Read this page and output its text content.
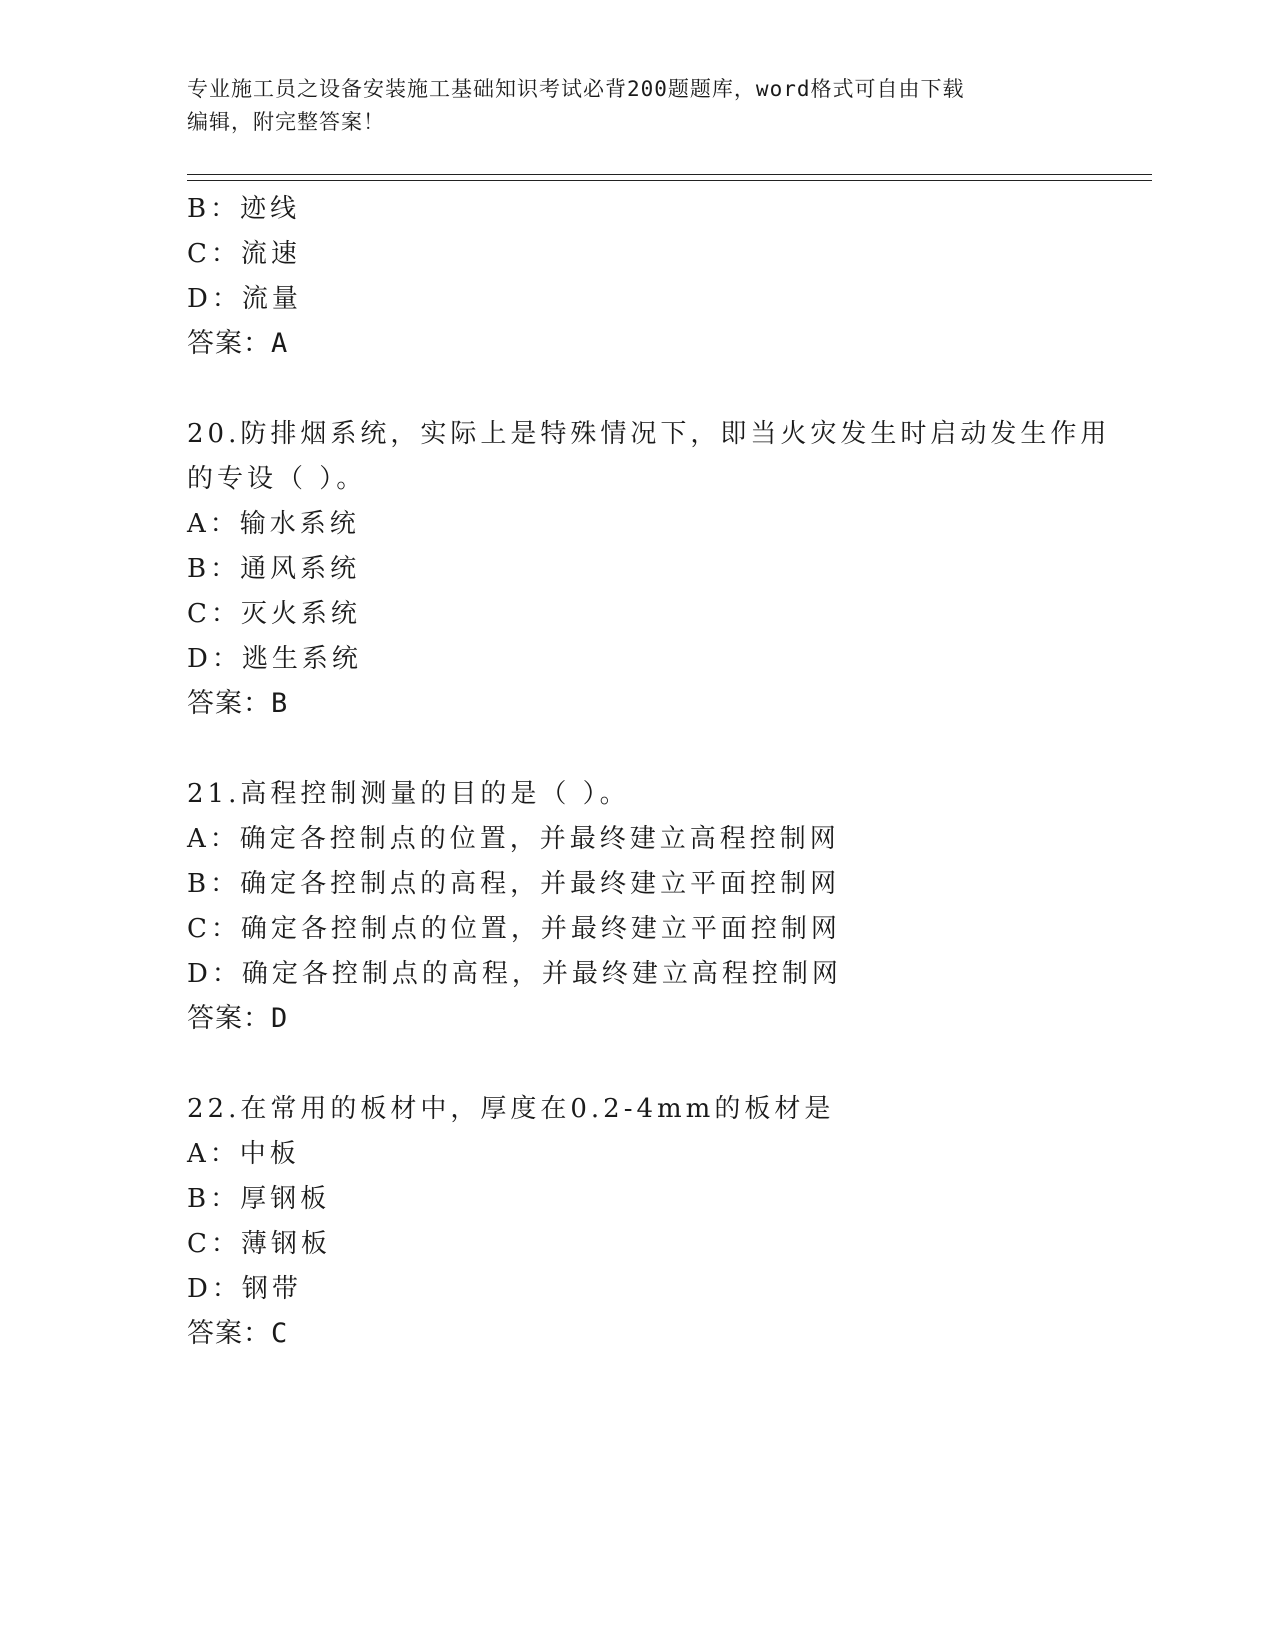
专业施工员之设备安装施工基础知识考试必背200题题库，word格式可自由下载
编辑，附完整答案！
B：迹线
C：流速
D：流量
答案：A
20.防排烟系统，实际上是特殊情况下，即当火灾发生时启动发生作用
的专设（ ）。
A：输水系统
B：通风系统
C：灭火系统
D：逃生系统
答案：B
21.高程控制测量的目的是（ ）。
A：确定各控制点的位置，并最终建立高程控制网
B：确定各控制点的高程，并最终建立平面控制网
C：确定各控制点的位置，并最终建立平面控制网
D：确定各控制点的高程，并最终建立高程控制网
答案：D
22.在常用的板材中，厚度在0.2-4mm的板材是
A：中板
B：厚钢板
C：薄钢板
D：钢带
答案：C
